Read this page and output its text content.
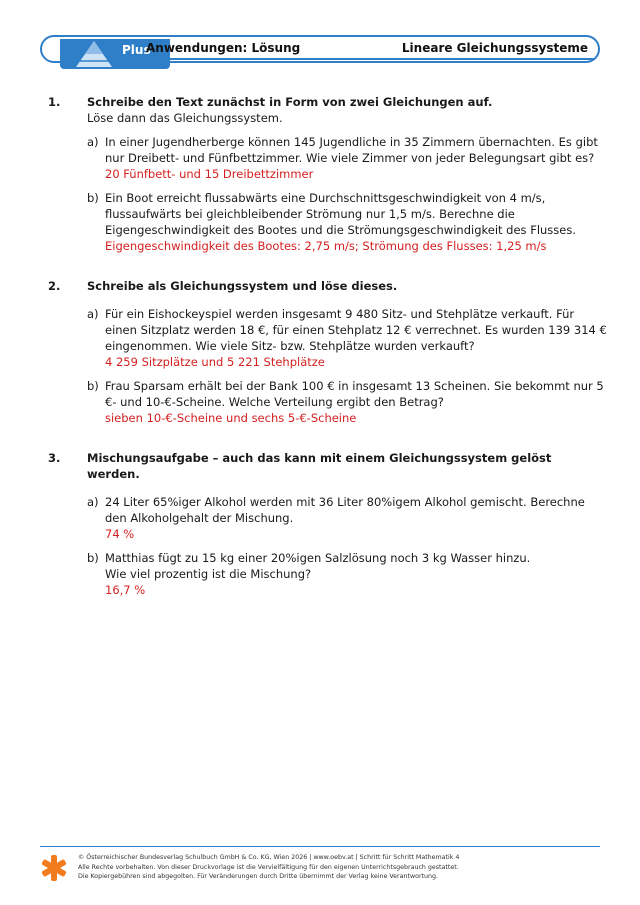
Plus
Anwendungen: Lösung	Lineare Gleichungssysteme
1. Schreibe den Text zunächst in Form von zwei Gleichungen auf.
Löse dann das Gleichungssystem.
a) In einer Jugendherberge können 145 Jugendliche in 35 Zimmern übernachten. Es gibt nur Dreibett- und Fünfbettzimmer. Wie viele Zimmer von jeder Belegungsart gibt es?
20 Fünfbett- und 15 Dreibettzimmer
b) Ein Boot erreicht flussabwärts eine Durchschnittsgeschwindigkeit von 4 m/s, flussaufwärts bei gleichbleibender Strömung nur 1,5 m/s. Berechne die Eigengeschwindigkeit des Bootes und die Strömungsgeschwindigkeit des Flusses.
Eigengeschwindigkeit des Bootes: 2,75 m/s; Strömung des Flusses: 1,25 m/s
2. Schreibe als Gleichungssystem und löse dieses.
a) Für ein Eishockeyspiel werden insgesamt 9 480 Sitz- und Stehplätze verkauft. Für einen Sitzplatz werden 18 €, für einen Stehplatz 12 € verrechnet. Es wurden 139 314 € eingenommen. Wie viele Sitz- bzw. Stehplätze wurden verkauft?
4 259 Sitzplätze und 5 221 Stehplätze
b) Frau Sparsam erhält bei der Bank 100 € in insgesamt 13 Scheinen. Sie bekommt nur 5 €- und 10-€-Scheine. Welche Verteilung ergibt den Betrag?
sieben 10-€-Scheine und sechs 5-€-Scheine
3. Mischungsaufgabe – auch das kann mit einem Gleichungssystem gelöst werden.
a) 24 Liter 65%iger Alkohol werden mit 36 Liter 80%igem Alkohol gemischt. Berechne den Alkoholgehalt der Mischung.
74 %
b) Matthias fügt zu 15 kg einer 20%igen Salzlösung noch 3 kg Wasser hinzu.
Wie viel prozentig ist die Mischung?
16,7 %
© Österreichischer Bundesverlag Schulbuch GmbH & Co. KG, Wien 2026 | www.oebv.at | Schritt für Schritt Mathematik 4
Alle Rechte vorbehalten. Von dieser Druckvorlage ist die Vervielfältigung für den eigenen Unterrichtsgebrauch gestattet.
Die Kopiergebühren sind abgegolten. Für Veränderungen durch Dritte übernimmt der Verlag keine Verantwortung.
